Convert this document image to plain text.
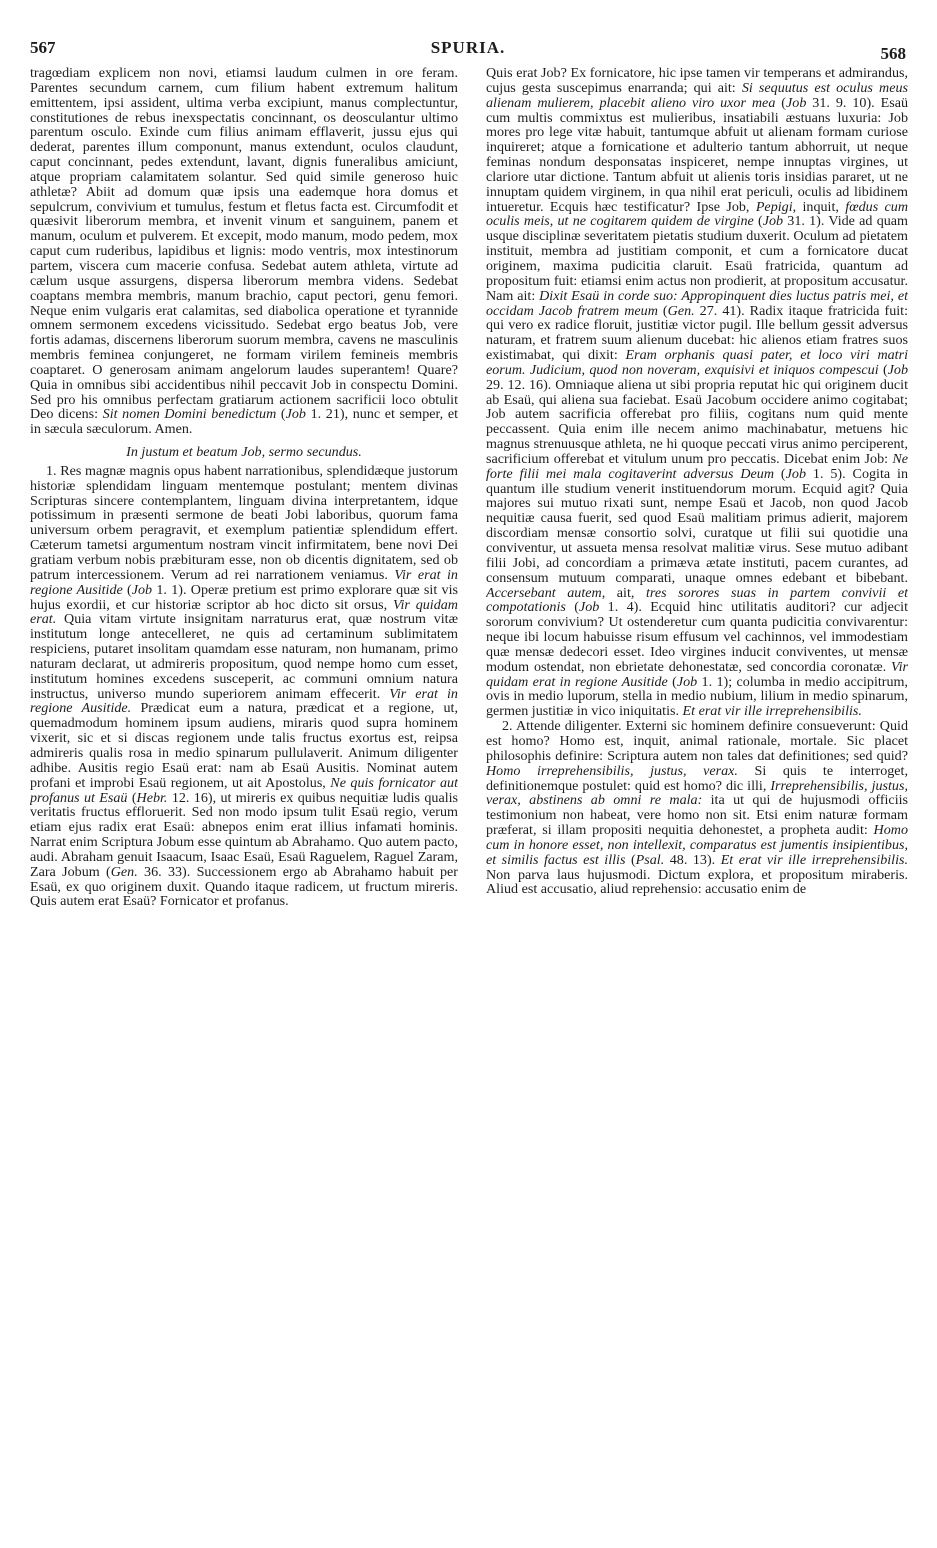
567	SPURIA.	568

tragœdiam explicem non novi, etiamsi laudum culmen in ore feram. Parentes secundum carnem, cum filium habent extremum halitum emittentem, ipsi assident, ultima verba excipiunt, manus complectuntur, constitutiones de rebus inexspectatis concinnant, os deosculantur ultimo parentum osculo. Exinde cum filius animam efflaverit, jussu ejus qui dederat, parentes illum componunt, manus extendunt, oculos claudunt, caput concinnant, pedes extendunt, lavant, dignis funeralibus amiciunt, atque propriam calamitatem solantur. Sed quid simile generoso huic athletæ? Abiit ad domum quæ ipsis una eademque hora domus et sepulcrum, convivium et tumulus, festum et fletus facta est. Circumfodit et quæsivit liberorum membra, et invenit vinum et sanguinem, panem et manum, oculum et pulverem. Et excepit, modo manum, modo pedem, mox caput cum ruderibus, lapidibus et lignis: modo ventris, mox intestinorum partem, viscera cum macerie confusa. Sedebat autem athleta, virtute ad cælum usque assurgens, dispersa liberorum membra videns. Sedebat coaptans membra membris, manum brachio, caput pectori, genu femori. Neque enim vulgaris erat calamitas, sed diabolica operatione et tyrannide omnem sermonem excedens vicissitudo. Sedebat ergo beatus Job, vere fortis adamas, discernens liberorum suorum membra, cavens ne masculinis membris feminea conjungeret, ne formam virilem femineis membris coaptaret. O generosam animam angelorum laudes superantem! Quare? Quia in omnibus sibi accidentibus nihil peccavit Job in conspectu Domini. Sed pro his omnibus perfectam gratiarum actionem sacrificii loco obtulit Deo dicens: Sit nomen Domini benedictum (Job 1. 21), nunc et semper, et in sæcula sæculorum. Amen.

In justum et beatum Job, sermo secundus.

1. Res magnæ magnis opus habent narrationibus, splendidæque justorum historiæ splendidam linguam mentemque postulant; mentem divinas Scripturas sincere contemplantem, linguam divina interpretantem, idque potissimum in præsenti sermone de beati Jobi laboribus, quorum fama universum orbem peragravit, et exemplum patientiæ splendidum effert. Cæterum tametsi argumentum nostram vincit infirmitatem, bene novi Dei gratiam verbum nobis præbituram esse, non ob dicentis dignitatem, sed ob patrum intercessionem. Verum ad rei narrationem veniamus. Vir erat in regione Ausitide (Job 1. 1). Operæ pretium est primo explorare quæ sit vis hujus exordii, et cur historiæ scriptor ab hoc dicto sit orsus, Vir quidam erat. Quia vitam virtute insignitam narraturus erat, quæ nostrum vitæ institutum longe antecelleret, ne quis ad certaminum sublimitatem respiciens, putaret insolitam quamdam esse naturam, non humanam, primo naturam declarat, ut admireris propositum, quod nempe homo cum esset, institutum homines excedens susceperit, ac communi omnium natura instructus, universo mundo superiorem animam effecerit. Vir erat in regione Ausitide. Prædicat eum a natura, prædicat et a regione, ut, quemadmodum hominem ipsum audiens, miraris quod supra hominem vixerit, sic et si discas regionem unde talis fructus exortus est, reipsa admireris qualis rosa in medio spinarum pullulaverit. Animum diligenter adhibe. Ausitis regio Esaü erat: nam ab Esaü Ausitis. Nominat autem profani et improbi Esaü regionem, ut ait Apostolus, Ne quis fornicator aut profanus ut Esaü (Hebr. 12. 16), ut mireris ex quibus nequitiæ ludis qualis veritatis fructus effloruerit. Sed non modo ipsum tulit Esaü regio, verum etiam ejus radix erat Esaü: abnepos enim erat illius infamati hominis. Narrat enim Scriptura Jobum esse quintum ab Abrahamo. Quo autem pacto, audi. Abraham genuit Isaacum, Isaac Esaü, Esaü Raguelem, Raguel Zaram, Zara Jobum (Gen. 36. 33). Successionem ergo ab Abrahamo habuit per Esaü, ex quo originem duxit. Quando itaque radicem, ut fructum mireris. Quis autem erat Esaü? Fornicator et profanus.

Quis erat Job? Ex fornicatore, hic ipse tamen vir temperans et admirandus, cujus gesta suscepimus enarranda; qui ait: Si sequutus est oculus meus alienam mulierem, placebit alieno viro uxor mea (Job 31. 9. 10). Esaü cum multis commixtus est mulieribus, insatiabili æstuans luxuria: Job mores pro lege vitæ habuit, tantumque abfuit ut alienam formam curiose inquireret; atque a fornicatione et adulterio tantum abhorruit, ut neque feminas nondum desponsatas inspiceret, nempe innuptas virgines, ut clariore utar dictione. Tantum abfuit ut alienis toris insidias pararet, ut ne innuptam quidem virginem, in qua nihil erat periculi, oculis ad libidinem intueretur. Ecquis hæc testificatur? Ipse Job, Pepigi, inquit, fœdus cum oculis meis, ut ne cogitarem quidem de virgine (Job 31. 1). Vide ad quam usque disciplinæ severitatem pietatis studium duxerit. Oculum ad pietatem instituit, membra ad justitiam componit, et cum a fornicatore ducat originem, maxima pudicitia claruit. Esaü fratricida, quantum ad propositum fuit: etiamsi enim actus non prodierit, at propositum accusatur. Nam ait: Dixit Esaü in corde suo: Appropinquent dies luctus patris mei, et occidam Jacob fratrem meum (Gen. 27. 41). Radix itaque fratricida fuit: qui vero ex radice floruit, justitiæ victor pugil. Ille bellum gessit adversus naturam, et fratrem suum alienum ducebat: hic alienos etiam fratres suos existimabat, qui dixit: Eram orphanis quasi pater, et loco viri matri eorum. Judicium, quod non noveram, exquisivi et iniquos compescui (Job 29. 12. 16). Omniaque aliena ut sibi propria reputat hic qui originem ducit ab Esaü, qui aliena sua faciebat. Esaü Jacobum occidere animo cogitabat; Job autem sacrificia offerebat pro filiis, cogitans num quid mente peccassent. Quia enim ille necem animo machinabatur, metuens hic magnus strenuusque athleta, ne hi quoque peccati virus animo perciperent, sacrificium offerebat et vitulum unum pro peccatis. Dicebat enim Job: Ne forte filii mei mala cogitaverint adversus Deum (Job 1. 5). Cogita in quantum ille studium venerit instituendorum morum. Ecquid agit? Quia majores sui mutuo rixati sunt, nempe Esaü et Jacob, non quod Jacob nequitiæ causa fuerit, sed quod Esaü malitiam primus adierit, majorem discordiam mensæ consortio solvi, curatque ut filii sui quotidie una conviventur, ut assueta mensa resolvat malitiæ virus. Sese mutuo adibant filii Jobi, ad concordiam a primæva ætate instituti, pacem curantes, ad consensum mutuum comparati, unaque omnes edebant et bibebant. Accersebant autem, ait, tres sorores suas in partem convivii et compotationis (Job 1. 4). Ecquid hinc utilitatis auditori? cur adjecit sororum convivium? Ut ostenderetur cum quanta pudicitia convivarentur: neque ibi locum habuisse risum effusum vel cachinnos, vel immodestiam quæ mensæ dedecori esset. Ideo virgines inducit conviventes, ut mensæ modum ostendat, non ebrietate dehonestatæ, sed concordia coronatæ. Vir quidam erat in regione Ausitide (Job 1. 1); columba in medio accipitrum, ovis in medio luporum, stella in medio nubium, lilium in medio spinarum, germen justitiæ in vico iniquitatis. Et erat vir ille irreprehensibilis.

2. Attende diligenter. Externi sic hominem definire consueverunt: Quid est homo? Homo est, inquit, animal rationale, mortale. Sic placet philosophis definire: Scriptura autem non tales dat definitiones; sed quid? Homo irreprehensibilis, justus, verax. Si quis te interroget, definitionemque postulet: quid est homo? dic illi, Irreprehensibilis, justus, verax, abstinens ab omni re mala: ita ut qui de hujusmodi officiis testimonium non habeat, vere homo non sit. Etsi enim naturæ formam præferat, si illam propositi nequitia dehonestet, a propheta audit: Homo cum in honore esset, non intellexit, comparatus est jumentis insipientibus, et similis factus est illis (Psal. 48. 13). Et erat vir ille irreprehensibilis. Non parva laus hujusmodi. Dictum explora, et propositum miraberis. Aliud est accusatio, aliud reprehensio: accusatio enim de
